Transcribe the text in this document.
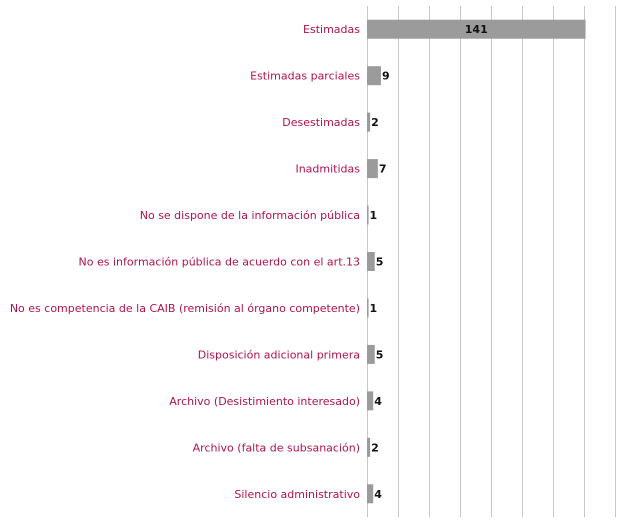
Estimadas
Estimadas parciales
Desestimadas
Inadmitidas
No se dispone de la información pública
No es información pública de acuerdo con el art.13
No es competencia de la CAIB (remisión al órgano competente)
Disposición adicional primera
Archivo (Desistimiento interesado)
Archivo (falta de subsanación)
Silencio administrativo
141
9
2
7
1
5
1
5
4
2
4
